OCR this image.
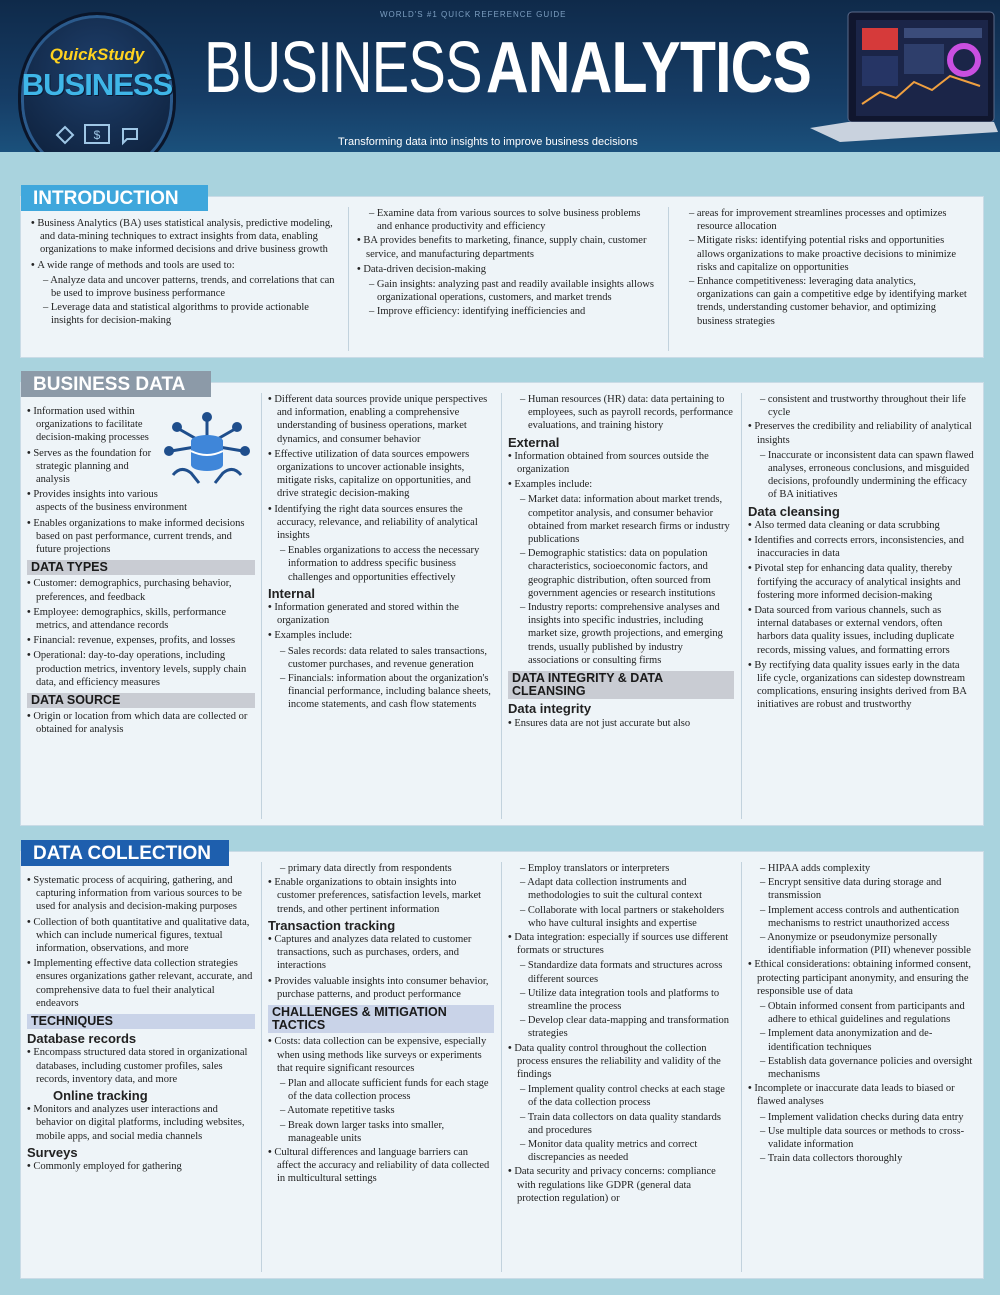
QuickStudy
BUSINESS
$
WORLD'S #1 QUICK REFERENCE GUIDE
BUSINESS ANALYTICS
Transforming data into insights to improve business decisions
INTRODUCTION
• Business Analytics (BA) uses statistical analysis, predictive modeling, and data-mining techniques to extract insights from data, enabling organizations to make informed decisions and drive business growth
• A wide range of methods and tools are used to:
– Analyze data and uncover patterns, trends, and correlations that can be used to improve business performance
– Leverage data and statistical algorithms to provide actionable insights for decision-making
– Examine data from various sources to solve business problems and enhance productivity and efficiency
• BA provides benefits to marketing, finance, supply chain, customer service, and manufacturing departments
• Data-driven decision-making
– Gain insights: analyzing past and readily available insights allows organizational operations, customers, and market trends
– Improve efficiency: identifying inefficiencies and
– areas for improvement streamlines processes and optimizes resource allocation
– Mitigate risks: identifying potential risks and opportunities allows organizations to make proactive decisions to minimize risks and capitalize on opportunities
– Enhance competitiveness: leveraging data analytics, organizations can gain a competitive edge by identifying market trends, understanding customer behavior, and optimizing business strategies
BUSINESS DATA
• Information used within organizations to facilitate decision-making processes
• Serves as the foundation for strategic planning and analysis
• Provides insights into various aspects of the business environment
• Enables organizations to make informed decisions based on past performance, current trends, and future projections
DATA TYPES
• Customer: demographics, purchasing behavior, preferences, and feedback
• Employee: demographics, skills, performance metrics, and attendance records
• Financial: revenue, expenses, profits, and losses
• Operational: day-to-day operations, including production metrics, inventory levels, supply chain data, and efficiency measures
DATA SOURCE
• Origin or location from which data are collected or obtained for analysis
• Different data sources provide unique perspectives and information, enabling a comprehensive understanding of business operations, market dynamics, and consumer behavior
• Effective utilization of data sources empowers organizations to uncover actionable insights, mitigate risks, capitalize on opportunities, and drive strategic decision-making
• Identifying the right data sources ensures the accuracy, relevance, and reliability of analytical insights
– Enables organizations to access the necessary information to address specific business challenges and opportunities effectively
Internal
• Information generated and stored within the organization
• Examples include:
– Sales records: data related to sales transactions, customer purchases, and revenue generation
– Financials: information about the organization's financial performance, including balance sheets, income statements, and cash flow statements
– Human resources (HR) data: data pertaining to employees, such as payroll records, performance evaluations, and training history
External
• Information obtained from sources outside the organization
• Examples include:
– Market data: information about market trends, competitor analysis, and consumer behavior obtained from market research firms or industry publications
– Demographic statistics: data on population characteristics, socioeconomic factors, and geographic distribution, often sourced from government agencies or research institutions
– Industry reports: comprehensive analyses and insights into specific industries, including market size, growth projections, and emerging trends, usually published by industry associations or consulting firms
DATA INTEGRITY & DATA CLEANSING
Data integrity
• Ensures data are not just accurate but also
– consistent and trustworthy throughout their life cycle
• Preserves the credibility and reliability of analytical insights
– Inaccurate or inconsistent data can spawn flawed analyses, erroneous conclusions, and misguided decisions, profoundly undermining the efficacy of BA initiatives
Data cleansing
• Also termed data cleaning or data scrubbing
• Identifies and corrects errors, inconsistencies, and inaccuracies in data
• Pivotal step for enhancing data quality, thereby fortifying the accuracy of analytical insights and fostering more informed decision-making
• Data sourced from various channels, such as internal databases or external vendors, often harbors data quality issues, including duplicate records, missing values, and formatting errors
• By rectifying data quality issues early in the data life cycle, organizations can sidestep downstream complications, ensuring insights derived from BA initiatives are robust and trustworthy
DATA COLLECTION
• Systematic process of acquiring, gathering, and capturing information from various sources to be used for analysis and decision-making purposes
• Collection of both quantitative and qualitative data, which can include numerical figures, textual information, observations, and more
• Implementing effective data collection strategies ensures organizations gather relevant, accurate, and comprehensive data to fuel their analytical endeavors
TECHNIQUES
Database records
• Encompass structured data stored in organizational databases, including customer profiles, sales records, inventory data, and more
Online tracking
• Monitors and analyzes user interactions and behavior on digital platforms, including websites, mobile apps, and social media channels
Surveys
• Commonly employed for gathering
– primary data directly from respondents
• Enable organizations to obtain insights into customer preferences, satisfaction levels, market trends, and other pertinent information
Transaction tracking
• Captures and analyzes data related to customer transactions, such as purchases, orders, and interactions
• Provides valuable insights into consumer behavior, purchase patterns, and product performance
CHALLENGES & MITIGATION TACTICS
• Costs: data collection can be expensive, especially when using methods like surveys or experiments that require significant resources
– Plan and allocate sufficient funds for each stage of the data collection process
– Automate repetitive tasks
– Break down larger tasks into smaller, manageable units
• Cultural differences and language barriers can affect the accuracy and reliability of data collected in multicultural settings
– Employ translators or interpreters
– Adapt data collection instruments and methodologies to suit the cultural context
– Collaborate with local partners or stakeholders who have cultural insights and expertise
• Data integration: especially if sources use different formats or structures
– Standardize data formats and structures across different sources
– Utilize data integration tools and platforms to streamline the process
– Develop clear data-mapping and transformation strategies
• Data quality control throughout the collection process ensures the reliability and validity of the findings
– Implement quality control checks at each stage of the data collection process
– Train data collectors on data quality standards and procedures
– Monitor data quality metrics and correct discrepancies as needed
• Data security and privacy concerns: compliance with regulations like GDPR (general data protection regulation) or
– HIPAA adds complexity
– Encrypt sensitive data during storage and transmission
– Implement access controls and authentication mechanisms to restrict unauthorized access
– Anonymize or pseudonymize personally identifiable information (PII) whenever possible
• Ethical considerations: obtaining informed consent, protecting participant anonymity, and ensuring the responsible use of data
– Obtain informed consent from participants and adhere to ethical guidelines and regulations
– Implement data anonymization and de-identification techniques
– Establish data governance policies and oversight mechanisms
• Incomplete or inaccurate data leads to biased or flawed analyses
– Implement validation checks during data entry
– Use multiple data sources or methods to cross-validate information
– Train data collectors thoroughly
